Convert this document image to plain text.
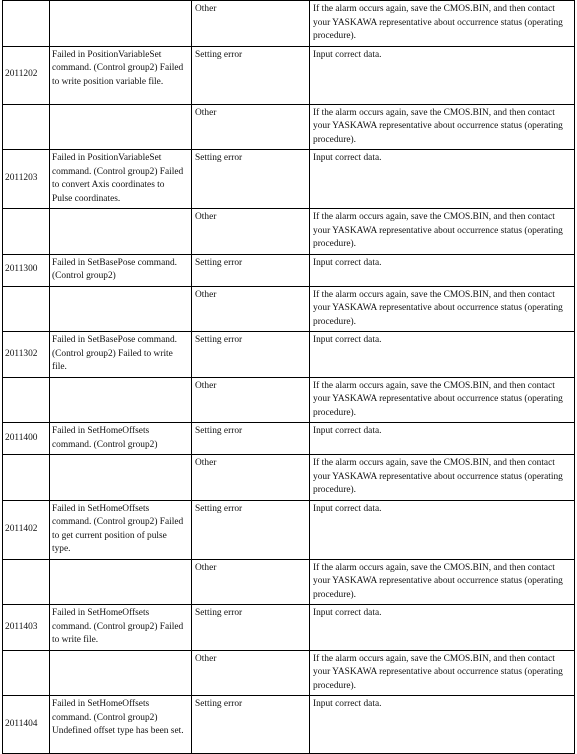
		Other	If the alarm occurs again, save the CMOS.BIN, and then contact your YASKAWA representative about occurrence status (operating procedure).
2011202	Failed in PositionVariableSet command. (Control group2) Failed to write position variable file.	Setting error	Input correct data.
		Other	If the alarm occurs again, save the CMOS.BIN, and then contact your YASKAWA representative about occurrence status (operating procedure).
2011203	Failed in PositionVariableSet command. (Control group2) Failed to convert Axis coordinates to Pulse coordinates.	Setting error	Input correct data.
		Other	If the alarm occurs again, save the CMOS.BIN, and then contact your YASKAWA representative about occurrence status (operating procedure).
2011300	Failed in SetBasePose command. (Control group2)	Setting error	Input correct data.
		Other	If the alarm occurs again, save the CMOS.BIN, and then contact your YASKAWA representative about occurrence status (operating procedure).
2011302	Failed in SetBasePose command. (Control group2) Failed to write file.	Setting error	Input correct data.
		Other	If the alarm occurs again, save the CMOS.BIN, and then contact your YASKAWA representative about occurrence status (operating procedure).
2011400	Failed in SetHomeOffsets command. (Control group2)	Setting error	Input correct data.
		Other	If the alarm occurs again, save the CMOS.BIN, and then contact your YASKAWA representative about occurrence status (operating procedure).
2011402	Failed in SetHomeOffsets command. (Control group2) Failed to get current position of pulse type.	Setting error	Input correct data.
		Other	If the alarm occurs again, save the CMOS.BIN, and then contact your YASKAWA representative about occurrence status (operating procedure).
2011403	Failed in SetHomeOffsets command. (Control group2) Failed to write file.	Setting error	Input correct data.
		Other	If the alarm occurs again, save the CMOS.BIN, and then contact your YASKAWA representative about occurrence status (operating procedure).
2011404	Failed in SetHomeOffsets command. (Control group2) Undefined offset type has been set.	Setting error	Input correct data.
